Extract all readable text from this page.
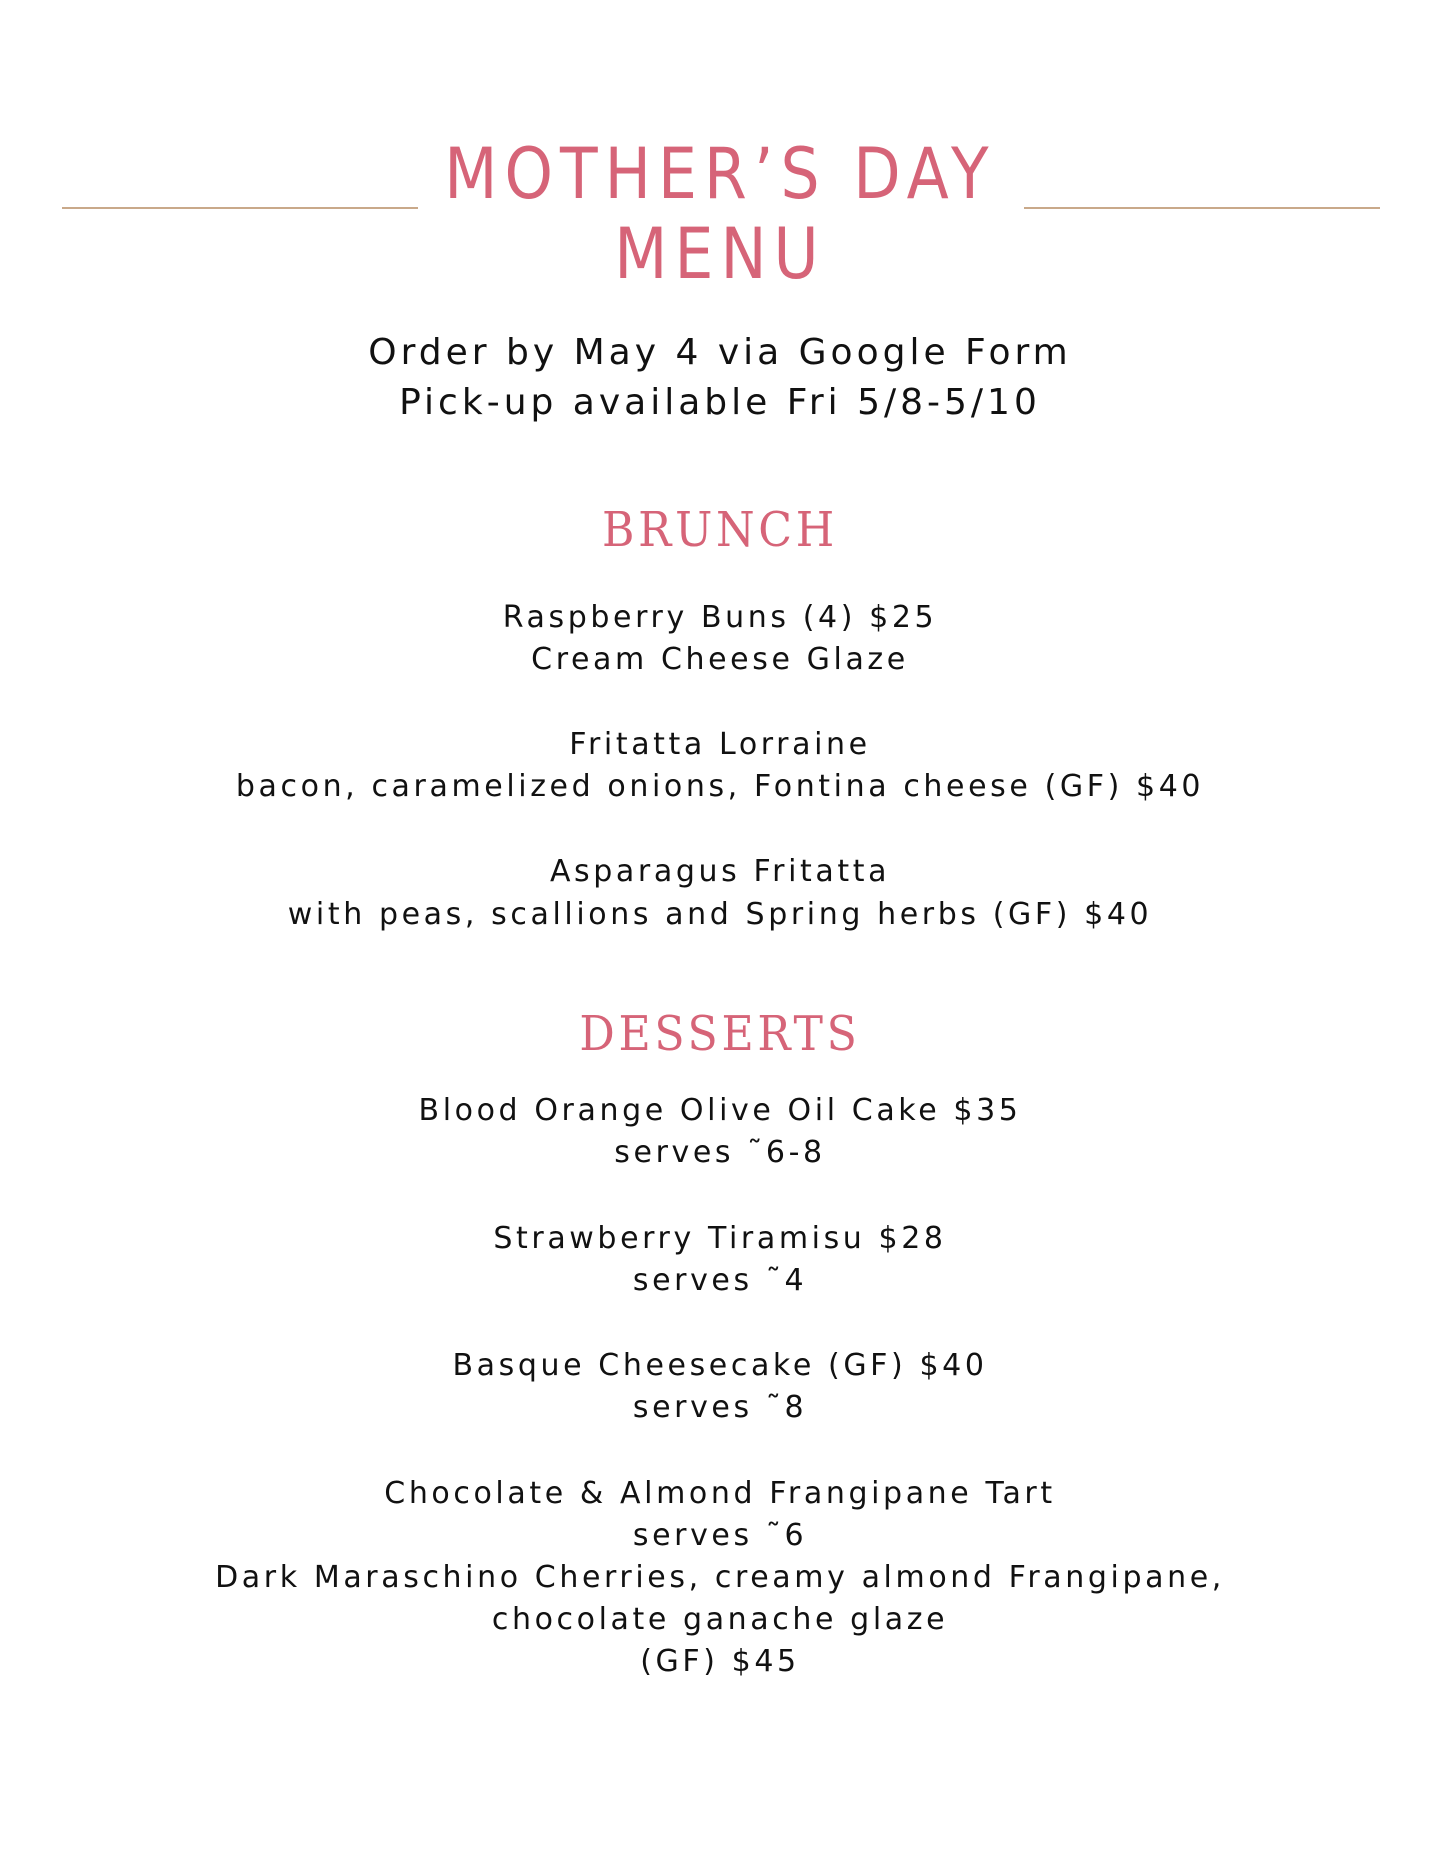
MOTHER’S DAY
MENU
Order by May 4 via Google Form
Pick-up available Fri 5/8-5/10
BRUNCH
Raspberry Buns (4) $25
Cream Cheese Glaze
Fritatta Lorraine
bacon, caramelized onions, Fontina cheese (GF) $40
Asparagus Fritatta
with peas, scallions and Spring herbs (GF) $40
DESSERTS
Blood Orange Olive Oil Cake $35
serves ˜6-8
Strawberry Tiramisu $28
serves ˜4
Basque Cheesecake (GF) $40
serves ˜8
Chocolate & Almond Frangipane Tart
serves ˜6
Dark Maraschino Cherries, creamy almond Frangipane,
chocolate ganache glaze
(GF) $45
